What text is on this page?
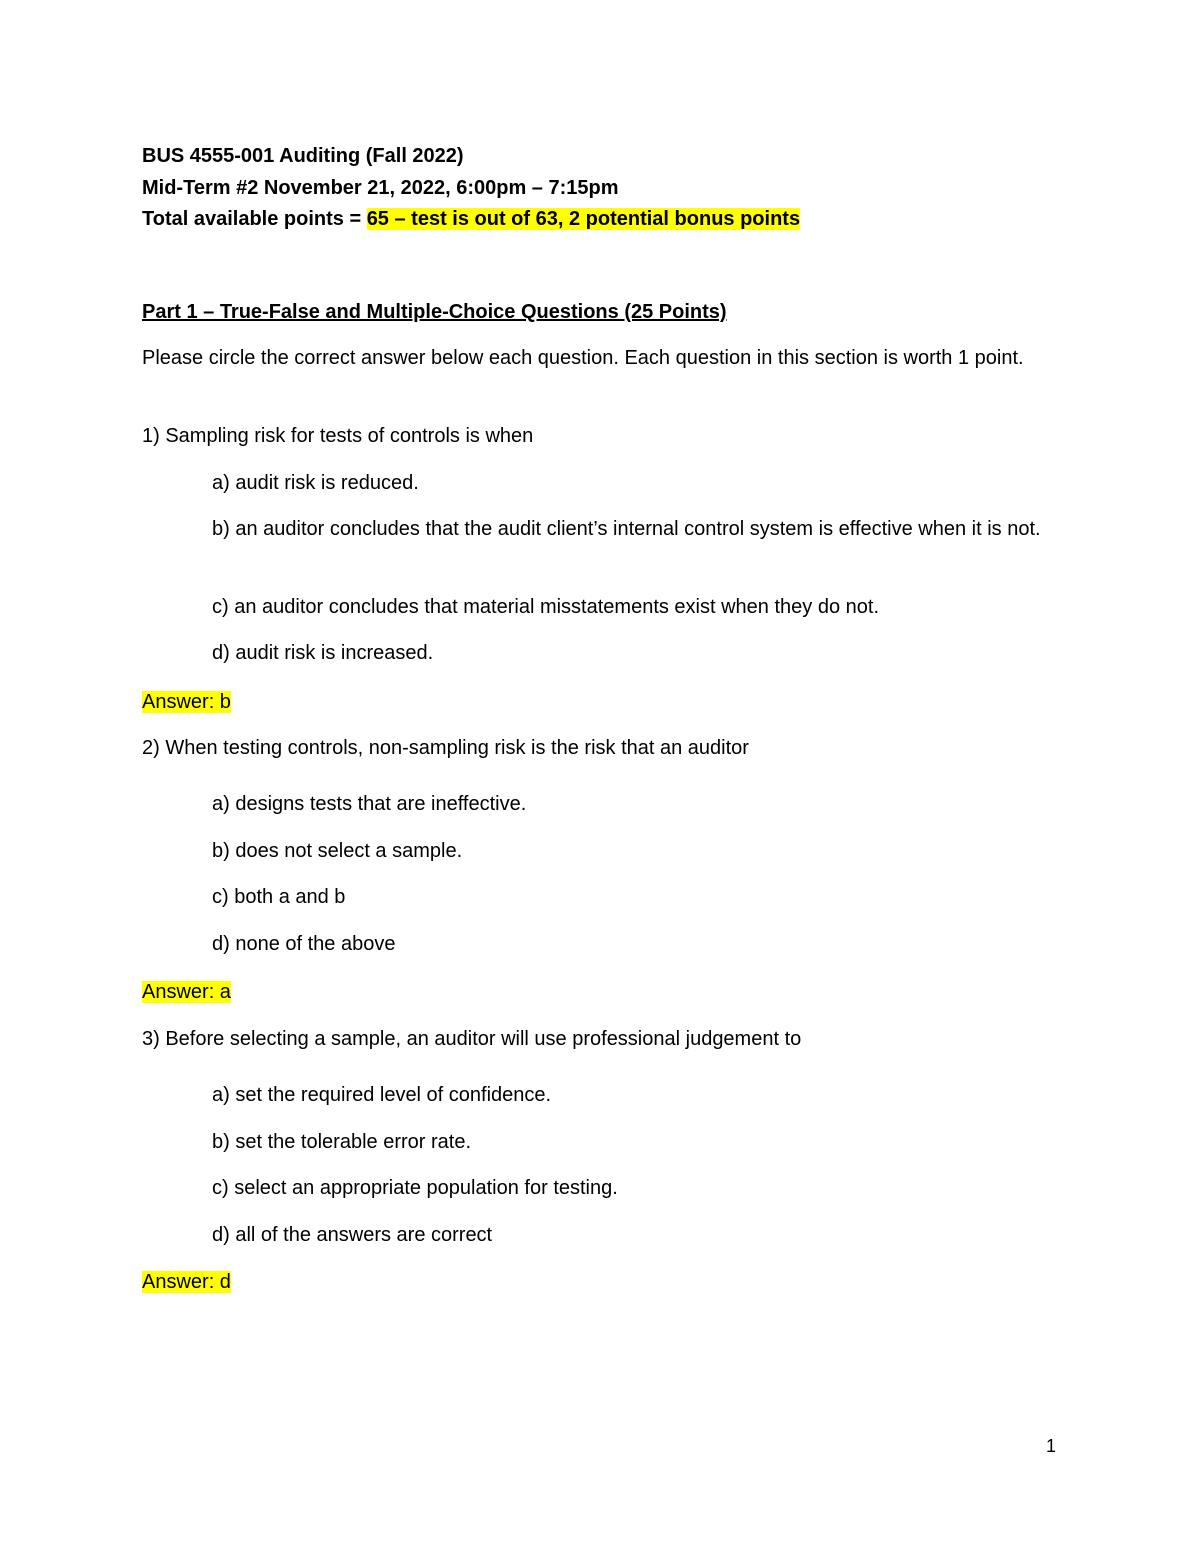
BUS 4555-001 Auditing (Fall 2022)
Mid-Term #2 November 21, 2022, 6:00pm – 7:15pm
Total available points = 65 – test is out of 63, 2 potential bonus points
Part 1 – True-False and Multiple-Choice Questions (25 Points)
Please circle the correct answer below each question. Each question in this section is worth 1 point.
1) Sampling risk for tests of controls is when
a) audit risk is reduced.
b) an auditor concludes that the audit client’s internal control system is effective when it is not.
c) an auditor concludes that material misstatements exist when they do not.
d) audit risk is increased.
Answer: b
2) When testing controls, non-sampling risk is the risk that an auditor
a) designs tests that are ineffective.
b) does not select a sample.
c) both a and b
d) none of the above
Answer: a
3) Before selecting a sample, an auditor will use professional judgement to
a) set the required level of confidence.
b) set the tolerable error rate.
c) select an appropriate population for testing.
d) all of the answers are correct
Answer: d
1
